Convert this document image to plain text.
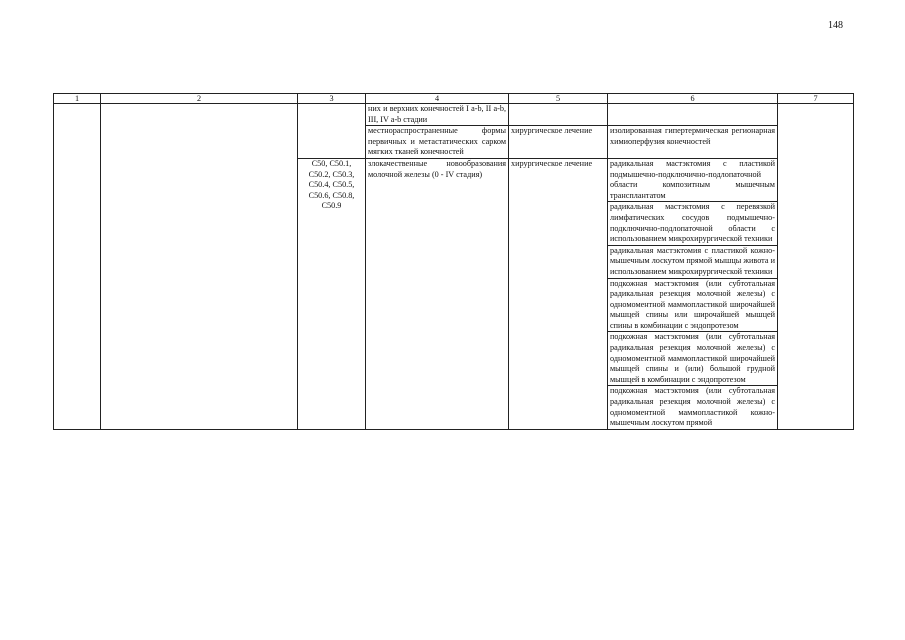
148
1	2	3	4	5	6	7
			них и верхних конечностей I a-b, II a-b, III, IV a-b стадии			
			местнораспространенные формы первичных и метастатических сарком мягких тканей конечностей	хирургическое лечение	изолированная гипертермическая регионарная химиоперфузия конечностей	
		C50, C50.1, C50.2, C50.3, C50.4, C50.5, C50.6, C50.8, C50.9	злокачественные новообразования молочной железы (0 - IV стадия)	хирургическое лечение	радикальная мастэктомия с пластикой подмышечно-подключично-подлопаточной области композитным мышечным трансплантатом	
					радикальная мастэктомия с перевязкой лимфатических сосудов подмышечно-подключично-подлопаточной области с использованием микрохирургической техники	
					радикальная мастэктомия с пластикой кожно-мышечным лоскутом прямой мышцы живота и использованием микрохирургической техники	
					подкожная мастэктомия (или субтотальная радикальная резекция молочной железы) с одномоментной маммопластикой широчайшей мышцей спины или широчайшей мышцей спины в комбинации с эндопротезом	
					подкожная мастэктомия (или субтотальная радикальная резекция молочной железы) с одномоментной маммопластикой широчайшей мышцей спины и (или) большой грудной мышцей в комбинации с эндопротезом	
					подкожная мастэктомия (или субтотальная радикальная резекция молочной железы) с одномоментной маммопластикой кожно-мышечным лоскутом прямой	
